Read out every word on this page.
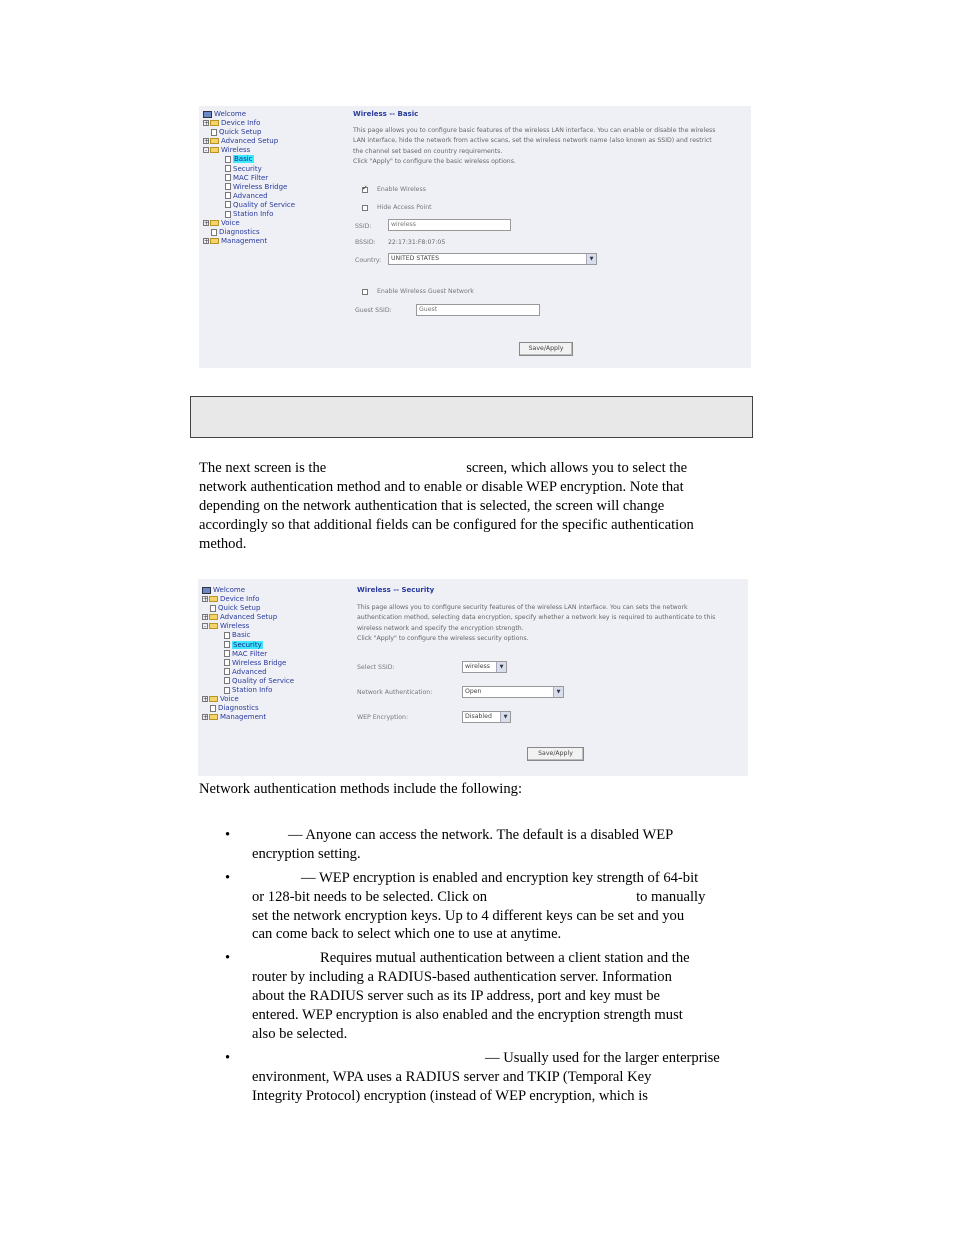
Welcome
+ Device Info
Quick Setup
+ Advanced Setup
- Wireless
Basic
Security
MAC Filter
Wireless Bridge
Advanced
Quality of Service
Station Info
+ Voice
Diagnostics
+ Management
Wireless -- Basic
This page allows you to configure basic features of the wireless LAN interface. You can enable or disable the wireless
LAN interface, hide the network from active scans, set the wireless network name (also known as SSID) and restrict
the channel set based on country requirements.
Click "Apply" to configure the basic wireless options.
✓
Enable Wireless
Hide Access Point
SSID:	wireless
BSSID: 22:17:31:F8:07:05
Country:	UNITED STATES	▼
Enable Wireless Guest Network
Guest SSID:	Guest
Save/Apply
The next screen is the	screen, which allows you to select the
network authentication method and to enable or disable WEP encryption. Note that
depending on the network authentication that is selected, the screen will change
accordingly so that additional fields can be configured for the specific authentication
method.
Welcome
+ Device Info
Quick Setup
+ Advanced Setup
- Wireless
Basic
Security
MAC Filter
Wireless Bridge
Advanced
Quality of Service
Station Info
+ Voice
Diagnostics
+ Management
Wireless -- Security
This page allows you to configure security features of the wireless LAN interface. You can sets the network
authentication method, selecting data encryption, specify whether a network key is required to authenticate to this
wireless network and specify the encryption strength.
Click "Apply" to configure the wireless security options.
Select SSID:	wireless	▼
Network Authentication:	Open	▼
WEP Encryption:	Disabled	▼
Save/Apply
Network authentication methods include the following:
•	— Anyone can access the network. The default is a disabled WEP
encryption setting.
•	— WEP encryption is enabled and encryption key strength of 64-bit
or 128-bit needs to be selected. Click on	to manually
set the network encryption keys. Up to 4 different keys can be set and you
can come back to select which one to use at anytime.
•	Requires mutual authentication between a client station and the
router by including a RADIUS-based authentication server. Information
about the RADIUS server such as its IP address, port and key must be
entered. WEP encryption is also enabled and the encryption strength must
also be selected.
•	— Usually used for the larger enterprise
environment, WPA uses a RADIUS server and TKIP (Temporal Key
Integrity Protocol) encryption (instead of WEP encryption, which is
